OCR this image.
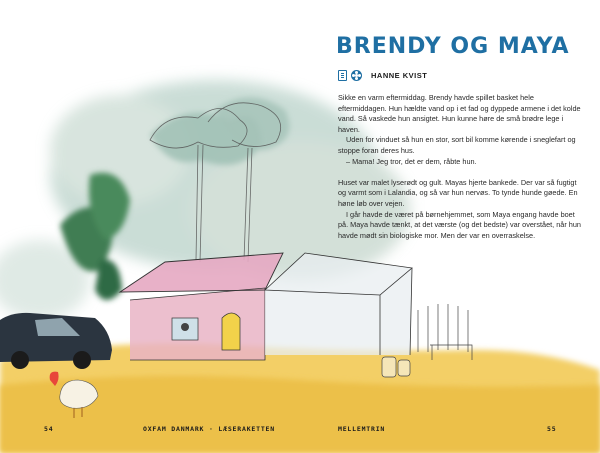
BRENDY OG MAYA
HANNE KVIST

Sikke en varm eftermiddag. Brendy havde spillet basket hele eftermiddagen. Hun hældte vand op i et fad og dyppede armene i det kolde vand. Så vaskede hun ansigtet. Hun kunne høre de små brødre lege i haven.

Uden for vinduet så hun en stor, sort bil komme kørende i sneglefart og stoppe foran deres hus.

– Mama! Jeg tror, det er dem, råbte hun.

Huset var malet lyserødt og gult. Mayas hjerte bankede. Der var så fugtigt og varmt som i Lalandia, og så var hun nervøs. To tynde hunde gøede. En høne løb over vejen.

I går havde de været på børnehjemmet, som Maya engang havde boet på. Maya havde tænkt, at det værste (og det bedste) var overstået, når hun havde mødt sin biologiske mor. Men der var en overraskelse.

54	OXFAM DANMARK · LÆSERAKETTEN	MELLEMTRIN	55
